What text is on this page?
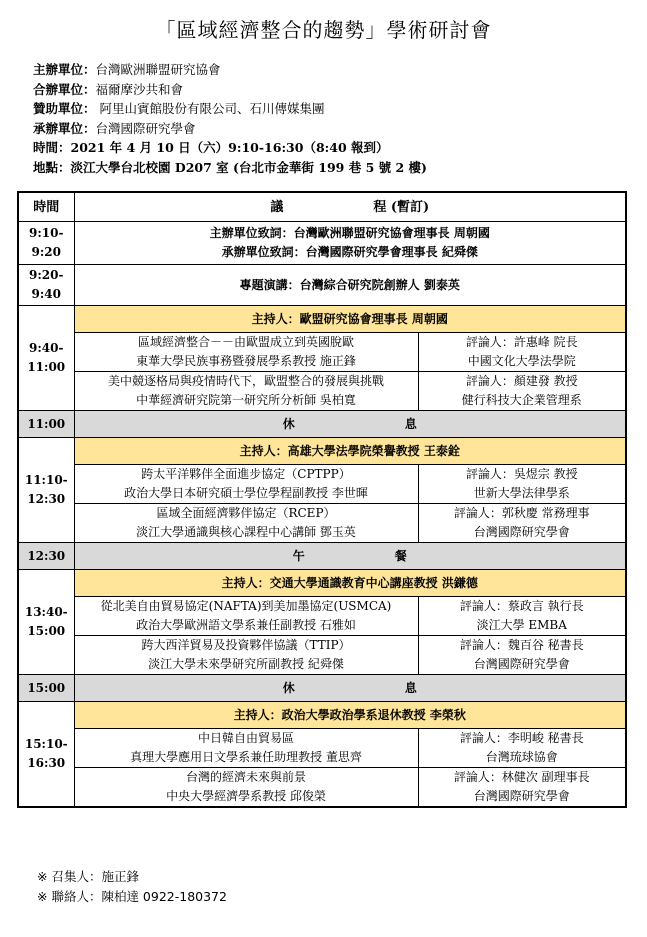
「區域經濟整合的趨勢」學術研討會
主辦單位：台灣歐洲聯盟研究協會
合辦單位：福爾摩沙共和會
贊助單位： 阿里山賓館股份有限公司、石川傳媒集團
承辦單位：台灣國際研究學會
時間：2021 年 4 月 10 日（六）9:10-16:30（8:40 報到）
地點：淡江大學台北校園 D207 室 (台北市金華街 199 巷 5 號 2 樓)
時間	議 程 (暫訂)	
9:10-
9:20	主辦單位致詞：台灣歐洲聯盟研究協會理事長 周朝國
承辦單位致詞：台灣國際研究學會理事長 紀舜傑	
9:20-
9:40	專題演講：台灣綜合研究院創辦人 劉泰英	
9:40-
11:00	主持人：歐盟研究協會理事長 周朝國	
	區域經濟整合－－由歐盟成立到英國脫歐
東華大學民族事務暨發展學系教授 施正鋒	評論人：許惠峰 院長
中國文化大學法學院
	美中競逐格局與疫情時代下，歐盟整合的發展與挑戰
中華經濟研究院第一研究所分析師 吳柏寬	評論人：顏建發 教授
健行科技大企業管理系
11:00	休 息	
11:10-
12:30	主持人：高雄大學法學院榮譽教授 王泰銓	
	跨太平洋夥伴全面進步協定（CPTPP）
政治大學日本研究碩士學位學程副教授 李世暉	評論人：吳煜宗 教授
世新大學法律學系
	區域全面經濟夥伴協定（RCEP）
淡江大學通識與核心課程中心講師 鄧玉英	評論人：郭秋慶 常務理事
台灣國際研究學會
12:30	午 餐	
13:40-
15:00	主持人：交通大學通識教育中心講座教授 洪鎌德	
	從北美自由貿易協定(NAFTA)到美加墨協定(USMCA)
政治大學歐洲語文學系兼任副教授 石雅如	評論人：蔡政言 執行長
淡江大學 EMBA
	跨大西洋貿易及投資夥伴協議（TTIP）
淡江大學未來學研究所副教授 紀舜傑	評論人：魏百谷 秘書長
台灣國際研究學會
15:00	休 息	
15:10-
16:30	主持人：政治大學政治學系退休教授 李榮秋	
	中日韓自由貿易區
真理大學應用日文學系兼任助理教授 董思齊	評論人：李明峻 秘書長
台灣琉球協會
	台灣的經濟未來與前景
中央大學經濟學系教授 邱俊榮	評論人：林健次 副理事長
台灣國際研究學會
※ 召集人：施正鋒
※ 聯絡人：陳柏達 0922-180372
